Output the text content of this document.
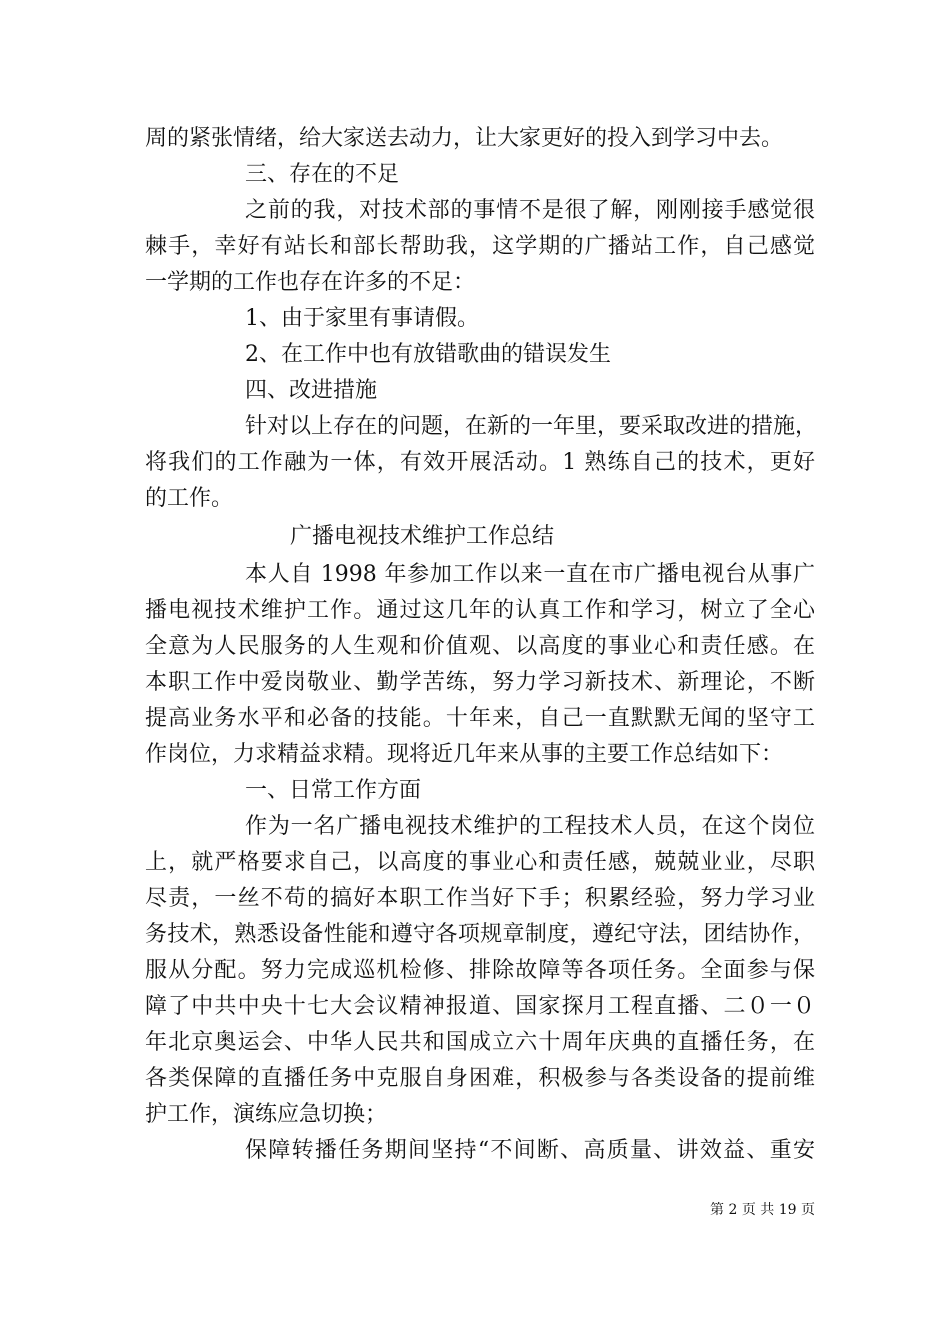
周的紧张情绪，给大家送去动力，让大家更好的投入到学习中去。
三、存在的不足
之前的我，对技术部的事情不是很了解，刚刚接手感觉很
棘手，幸好有站长和部长帮助我，这学期的广播站工作，自己感觉
一学期的工作也存在许多的不足：
1、由于家里有事请假。
2、在工作中也有放错歌曲的错误发生
四、改进措施
针对以上存在的问题，在新的一年里，要采取改进的措施，
将我们的工作融为一体，有效开展活动。1 熟练自己的技术，更好
的工作。
广播电视技术维护工作总结
本人自 1998 年参加工作以来一直在市广播电视台从事广
播电视技术维护工作。通过这几年的认真工作和学习，树立了全心
全意为人民服务的人生观和价值观、以高度的事业心和责任感。在
本职工作中爱岗敬业、勤学苦练，努力学习新技术、新理论，不断
提高业务水平和必备的技能。十年来，自己一直默默无闻的坚守工
作岗位，力求精益求精。现将近几年来从事的主要工作总结如下：
一、日常工作方面
作为一名广播电视技术维护的工程技术人员，在这个岗位
上，就严格要求自己，以高度的事业心和责任感，兢兢业业，尽职
尽责，一丝不苟的搞好本职工作当好下手；积累经验，努力学习业
务技术，熟悉设备性能和遵守各项规章制度，遵纪守法，团结协作，
服从分配。努力完成巡机检修、排除故障等各项任务。全面参与保
障了中共中央十七大会议精神报道、国家探月工程直播、二０一０
年北京奥运会、中华人民共和国成立六十周年庆典的直播任务，在
各类保障的直播任务中克服自身困难，积极参与各类设备的提前维
护工作，演练应急切换；
保障转播任务期间坚持“不间断、高质量、讲效益、重安
第 2 页 共 19 页
